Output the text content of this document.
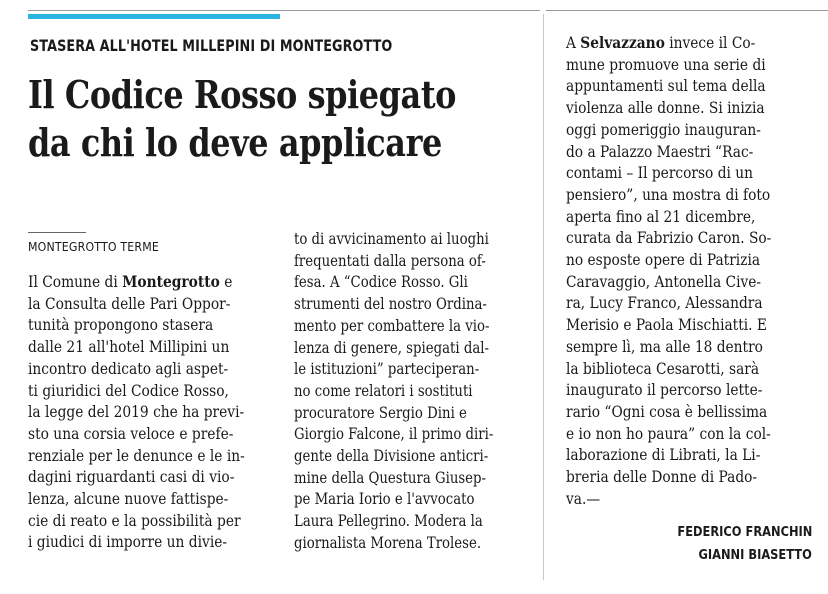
STASERA ALL'HOTEL MILLEPINI DI MONTEGROTTO

Il Codice Rosso spiegato
da chi lo deve applicare

MONTEGROTTO TERME

Il Comune di Montegrotto e
la Consulta delle Pari Oppor-
tunità propongono stasera
dalle 21 all'hotel Millipini un
incontro dedicato agli aspet-
ti giuridici del Codice Rosso,
la legge del 2019 che ha previ-
sto una corsia veloce e prefe-
renziale per le denunce e le in-
dagini riguardanti casi di vio-
lenza, alcune nuove fattispe-
cie di reato e la possibilità per
i giudici di imporre un divie-
to di avvicinamento ai luoghi
frequentati dalla persona of-
fesa. A “Codice Rosso. Gli
strumenti del nostro Ordina-
mento per combattere la vio-
lenza di genere, spiegati dal-
le istituzioni” parteciperan-
no come relatori i sostituti
procuratore Sergio Dini e
Giorgio Falcone, il primo diri-
gente della Divisione anticri-
mine della Questura Giusep-
pe Maria Iorio e l'avvocato
Laura Pellegrino. Modera la
giornalista Morena Trolese.
A Selvazzano invece il Co-
mune promuove una serie di
appuntamenti sul tema della
violenza alle donne. Si inizia
oggi pomeriggio inauguran-
do a Palazzo Maestri “Rac-
contami – Il percorso di un
pensiero”, una mostra di foto
aperta fino al 21 dicembre,
curata da Fabrizio Caron. So-
no esposte opere di Patrizia
Caravaggio, Antonella Cive-
ra, Lucy Franco, Alessandra
Merisio e Paola Mischiatti. E
sempre lì, ma alle 18 dentro
la biblioteca Cesarotti, sarà
inaugurato il percorso lette-
rario “Ogni cosa è bellissima
e io non ho paura” con la col-
laborazione di Librati, la Li-
breria delle Donne di Pado-
va.—

FEDERICO FRANCHIN

GIANNI BIASETTO
